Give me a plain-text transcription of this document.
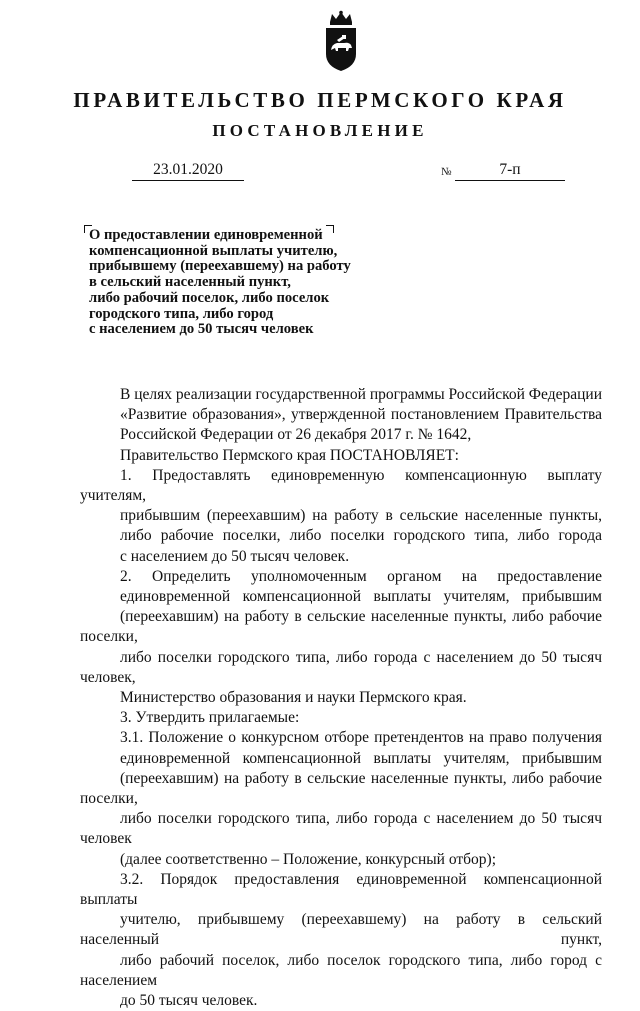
ПРАВИТЕЛЬСТВО ПЕРМСКОГО КРАЯ
ПОСТАНОВЛЕНИЕ
23.01.2020	№	7-п
О предоставлении единовременной
компенсационной выплаты учителю,
прибывшему (переехавшему) на работу
в сельский населенный пункт,
либо рабочий поселок, либо поселок
городского типа, либо город
с населением до 50 тысяч человек

В целях реализации государственной программы Российской Федерации
«Развитие образования», утвержденной постановлением Правительства
Российской Федерации от 26 декабря 2017 г. № 1642,

Правительство Пермского края ПОСТАНОВЛЯЕТ:

1. Предоставлять единовременную компенсационную выплату учителям,
прибывшим (переехавшим) на работу в сельские населенные пункты,
либо рабочие поселки, либо поселки городского типа, либо города
с населением до 50 тысяч человек.

2. Определить уполномоченным органом на предоставление
единовременной компенсационной выплаты учителям, прибывшим
(переехавшим) на работу в сельские населенные пункты, либо рабочие поселки,
либо поселки городского типа, либо города с населением до 50 тысяч человек,
Министерство образования и науки Пермского края.

3. Утвердить прилагаемые:

3.1. Положение о конкурсном отборе претендентов на право получения
единовременной компенсационной выплаты учителям, прибывшим
(переехавшим) на работу в сельские населенные пункты, либо рабочие поселки,
либо поселки городского типа, либо города с населением до 50 тысяч человек
(далее соответственно – Положение, конкурсный отбор);

3.2. Порядок предоставления единовременной компенсационной выплаты
учителю, прибывшему (переехавшему) на работу в сельский населенный пункт,
либо рабочий поселок, либо поселок городского типа, либо город с населением
до 50 тысяч человек.
